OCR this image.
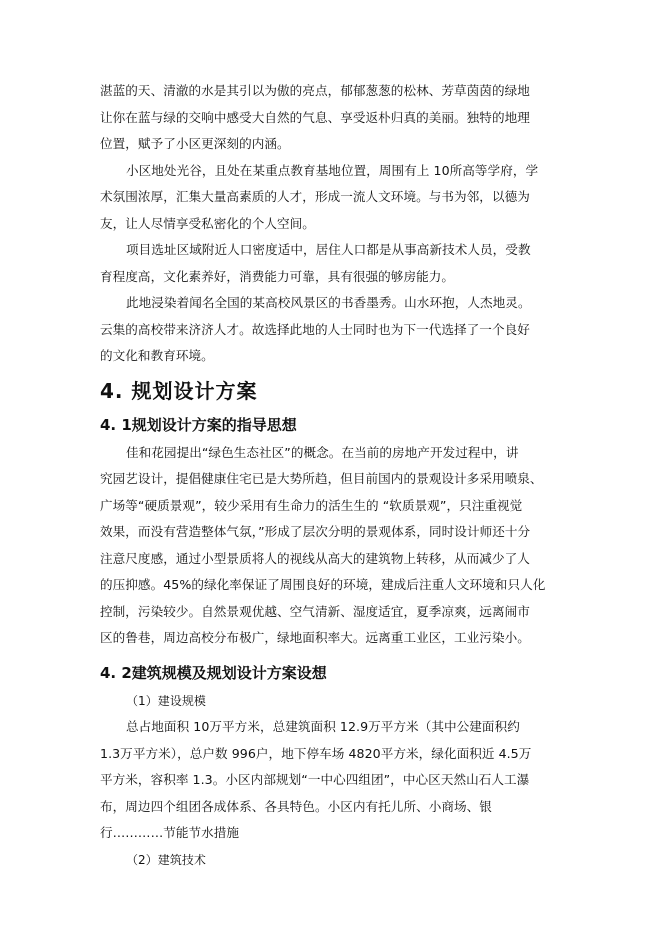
湛蓝的天、清澈的水是其引以为傲的亮点，郁郁葱葱的松林、芳草茵茵的绿地
让你在蓝与绿的交响中感受大自然的气息、享受返朴归真的美丽。独特的地理
位置，赋予了小区更深刻的内涵。
小区地处光谷，且处在某重点教育基地位置，周围有上 10所高等学府，学
术氛围浓厚，汇集大量高素质的人才，形成一流人文环境。与书为邻，以德为
友，让人尽情享受私密化的个人空间。
项目选址区域附近人口密度适中，居住人口都是从事高新技术人员，受教
育程度高，文化素养好，消费能力可靠，具有很强的够房能力。
此地浸染着闻名全国的某高校风景区的书香墨秀。山水环抱，人杰地灵。
云集的高校带来济济人才。故选择此地的人士同时也为下一代选择了一个良好
的文化和教育环境。
4. 规划设计方案
4. 1规划设计方案的指导思想
佳和花园提出“绿色生态社区”的概念。在当前的房地产开发过程中，讲
究园艺设计，提倡健康住宅已是大势所趋，但目前国内的景观设计多采用喷泉、
广场等“硬质景观”，较少采用有生命力的活生生的 “软质景观”，只注重视觉
效果，而没有营造整体气氛，”形成了层次分明的景观体系，同时设计师还十分
注意尺度感，通过小型景质将人的视线从高大的建筑物上转移，从而减少了人
的压抑感。45%的绿化率保证了周围良好的环境，建成后注重人文环境和只人化
控制，污染较少。自然景观优越、空气清新、湿度适宜，夏季凉爽，远离闹市
区的鲁巷，周边高校分布极广，绿地面积率大。远离重工业区，工业污染小。
4. 2建筑规模及规划设计方案设想
（1）建设规模
总占地面积 10万平方米，总建筑面积 12.9万平方米（其中公建面积约
1.3万平方米），总户数 996户，地下停车场 4820平方米，绿化面积近 4.5万
平方米，容积率 1.3。小区内部规划“一中心四组团”，中心区天然山石人工瀑
布，周边四个组团各成体系、各具特色。小区内有托儿所、小商场、银
行…………节能节水措施
（2）建筑技术
